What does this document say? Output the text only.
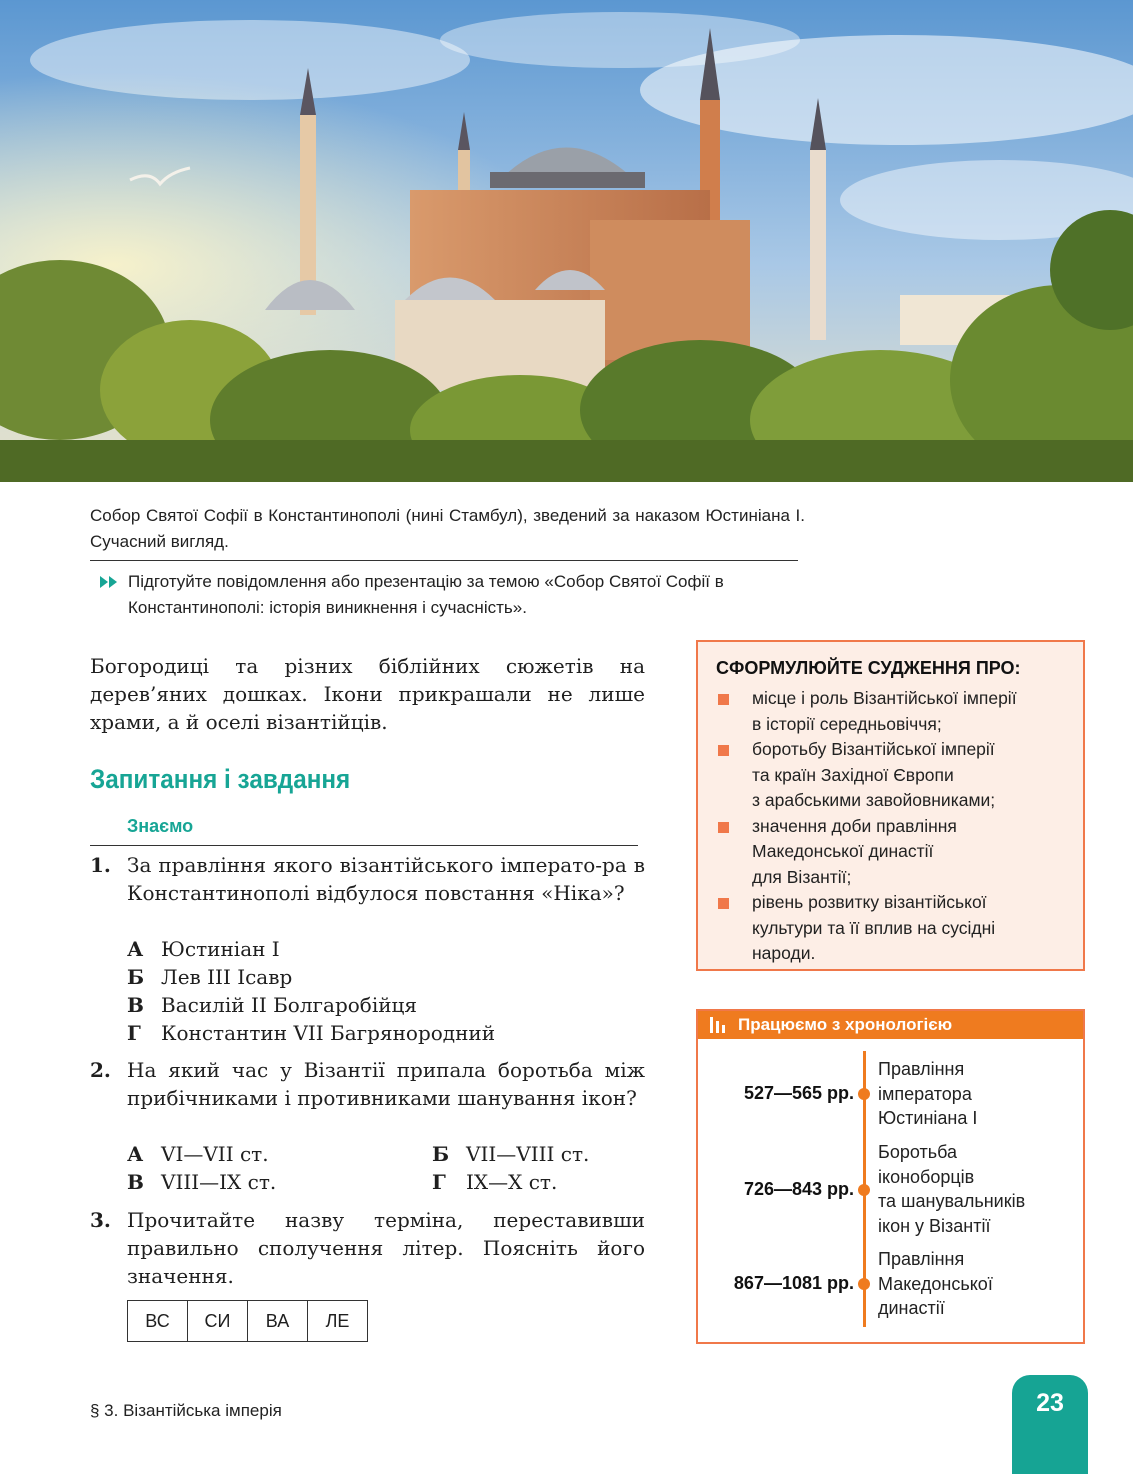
Собор Святої Софії в Константинополі (нині Стамбул), зведений за наказом Юстиніана I. Сучасний вигляд.
Підготуйте повідомлення або презентацію за темою «Собор Святої Софії в Константинополі: історія виникнення і сучасність».
Богородиці та різних біблійних сюжетів на дерев’яних дошках. Ікони прикрашали не лише храми, а й оселі візантійців.
Запитання і завдання
Знаємо
1. За правління якого візантійського імперато-ра в Константинополі відбулося повстання «Ніка»?
А Юстиніан I
Б Лев III Ісавр
В Василій II Болгаробійця
Г Константин VII Багрянородний
2. На який час у Візантії припала боротьба між прибічниками і противниками шанування ікон?
А VI—VII ст.	Б VII—VIII ст.
В VIII—IX ст.	Г IX—X ст.
3. Прочитайте назву терміна, переставивши правильно сполучення літер. Поясніть його значення.
ВС	СИ	ВА	ЛЕ
СФОРМУЛЮЙТЕ СУДЖЕННЯ ПРО:
місце і роль Візантійської імперії
в історії середньовіччя;
боротьбу Візантійської імперії
та країн Західної Європи
з арабськими завойовниками;
значення доби правління
Македонської династії
для Візантії;
рівень розвитку візантійської
культури та її вплив на сусідні
народи.
Працюємо з хронологією
527—565 рр.
Правління
імператора
Юстиніана I
726—843 рр.
Боротьба
іконоборців
та шанувальників
ікон у Візантії
867—1081 рр.
Правління
Македонської
династії
§ 3. Візантійська імперія	23
